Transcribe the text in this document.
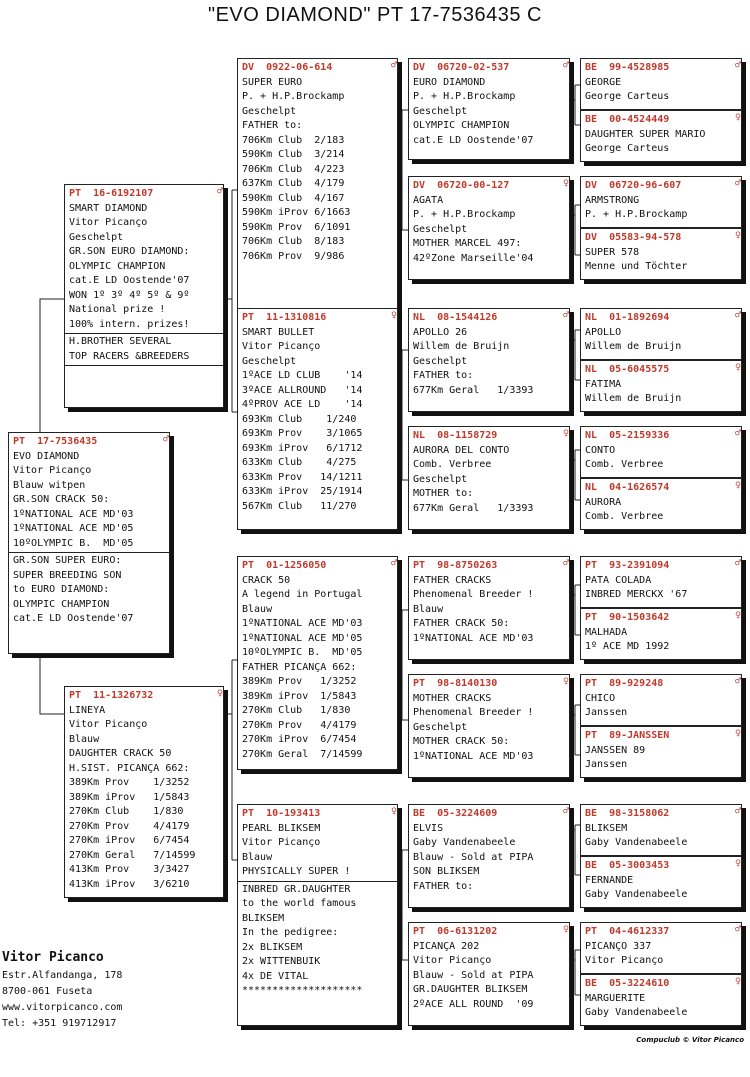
"EVO DIAMOND" PT 17-7536435 C
PT  17-7536435	♂
EVO DIAMOND
Vitor Picanço
Blauw witpen
GR.SON CRACK 50:
1ºNATIONAL ACE MD'03
1ºNATIONAL ACE MD'05
10ºOLYMPIC B.  MD'05
GR.SON SUPER EURO:
SUPER BREEDING SON
to EURO DIAMOND:
OLYMPIC CHAMPION
cat.E LD Oostende'07
PT  16-6192107	♂
SMART DIAMOND
Vitor Picanço
Geschelpt
GR.SON EURO DIAMOND:
OLYMPIC CHAMPION
cat.E LD Oostende'07
WON 1º 3º 4º 5º & 9º
National prize !
100% intern. prizes!
H.BROTHER SEVERAL
TOP RACERS &BREEDERS
PT  11-1326732	♀
LINEYA
Vitor Picanço
Blauw
DAUGHTER CRACK 50
H.SIST. PICANÇA 662:
389Km Prov    1/3252
389Km iProv   1/5843
270Km Club    1/830
270Km Prov    4/4179
270Km iProv   6/7454
270Km Geral   7/14599
413Km Prov    3/3427
413Km iProv   3/6210
DV  0922-06-614	♂
SUPER EURO
P. + H.P.Brockamp
Geschelpt
FATHER to:
706Km Club  2/183
590Km Club  3/214
706Km Club  4/223
637Km Club  4/179
590Km Club  4/167
590Km iProv 6/1663
590Km Prov  6/1091
706Km Club  8/183
706Km Prov  9/986
PT  11-1310816	♀
SMART BULLET
Vitor Picanço
Geschelpt
1ºACE LD CLUB    '14
3ºACE ALLROUND   '14
4ºPROV ACE LD    '14
693Km Club    1/240
693Km Prov    3/1065
693Km iProv   6/1712
633Km Club    4/275
633Km Prov   14/1211
633Km iProv  25/1914
567Km Club   11/270
PT  01-1256050	♂
CRACK 50
A legend in Portugal
Blauw
1ºNATIONAL ACE MD'03
1ºNATIONAL ACE MD'05
10ºOLYMPIC B.  MD'05
FATHER PICANÇA 662:
389Km Prov   1/3252
389Km iProv  1/5843
270Km Club   1/830
270Km Prov   4/4179
270Km iProv  6/7454
270Km Geral  7/14599
PT  10-193413	♀
PEARL BLIKSEM
Vitor Picanço
Blauw
PHYSICALLY SUPER !
INBRED GR.DAUGHTER
to the world famous
BLIKSEM
In the pedigree:
2x BLIKSEM
2x WITTENBUIK
4x DE VITAL
********************
DV  06720-02-537	♂
EURO DIAMOND
P. + H.P.Brockamp
Geschelpt
OLYMPIC CHAMPION
cat.E LD Oostende'07
DV  06720-00-127	♀
AGATA
P. + H.P.Brockamp
Geschelpt
MOTHER MARCEL 497:
42ºZone Marseille'04
NL  08-1544126	♂
APOLLO 26
Willem de Bruijn
Geschelpt
FATHER to:
677Km Geral   1/3393
NL  08-1158729	♀
AURORA DEL CONTO
Comb. Verbree
Geschelpt
MOTHER to:
677Km Geral   1/3393
PT  98-8750263	♂
FATHER CRACKS
Phenomenal Breeder !
Blauw
FATHER CRACK 50:
1ºNATIONAL ACE MD'03
PT  98-8140130	♀
MOTHER CRACKS
Phenomenal Breeder !
Geschelpt
MOTHER CRACK 50:
1ºNATIONAL ACE MD'03
BE  05-3224609	♂
ELVIS
Gaby Vandenabeele
Blauw - Sold at PIPA
SON BLIKSEM
FATHER to:
PT  06-6131202	♀
PICANÇA 202
Vitor Picanço
Blauw - Sold at PIPA
GR.DAUGHTER BLIKSEM
2ºACE ALL ROUND  '09
BE  99-4528985	♂
GEORGE
George Carteus
BE  00-4524449	♀
DAUGHTER SUPER MARIO
George Carteus
DV  06720-96-607	♂
ARMSTRONG
P. + H.P.Brockamp
DV  05583-94-578	♀
SUPER 578
Menne und Töchter
NL  01-1892694	♂
APOLLO
Willem de Bruijn
NL  05-6045575	♀
FATIMA
Willem de Bruijn
NL  05-2159336	♂
CONTO
Comb. Verbree
NL  04-1626574	♀
AURORA
Comb. Verbree
PT  93-2391094	♂
PATA COLADA
INBRED MERCKX '67
PT  90-1503642	♀
MALHADA
1º ACE MD 1992
PT  89-929248	♂
CHICO
Janssen
PT  89-JANSSEN	♀
JANSSEN 89
Janssen
BE  98-3158062	♂
BLIKSEM
Gaby Vandenabeele
BE  05-3003453	♀
FERNANDE
Gaby Vandenabeele
PT  04-4612337	♂
PICANÇO 337
Vitor Picanço
BE  05-3224610	♀
MARGUERITE
Gaby Vandenabeele
Vitor Picanco
Estr.Alfandanga, 178
8700-061 Fuseta
www.vitorpicanco.com
Tel: +351 919712917
Compuclub © Vitor Picanco
